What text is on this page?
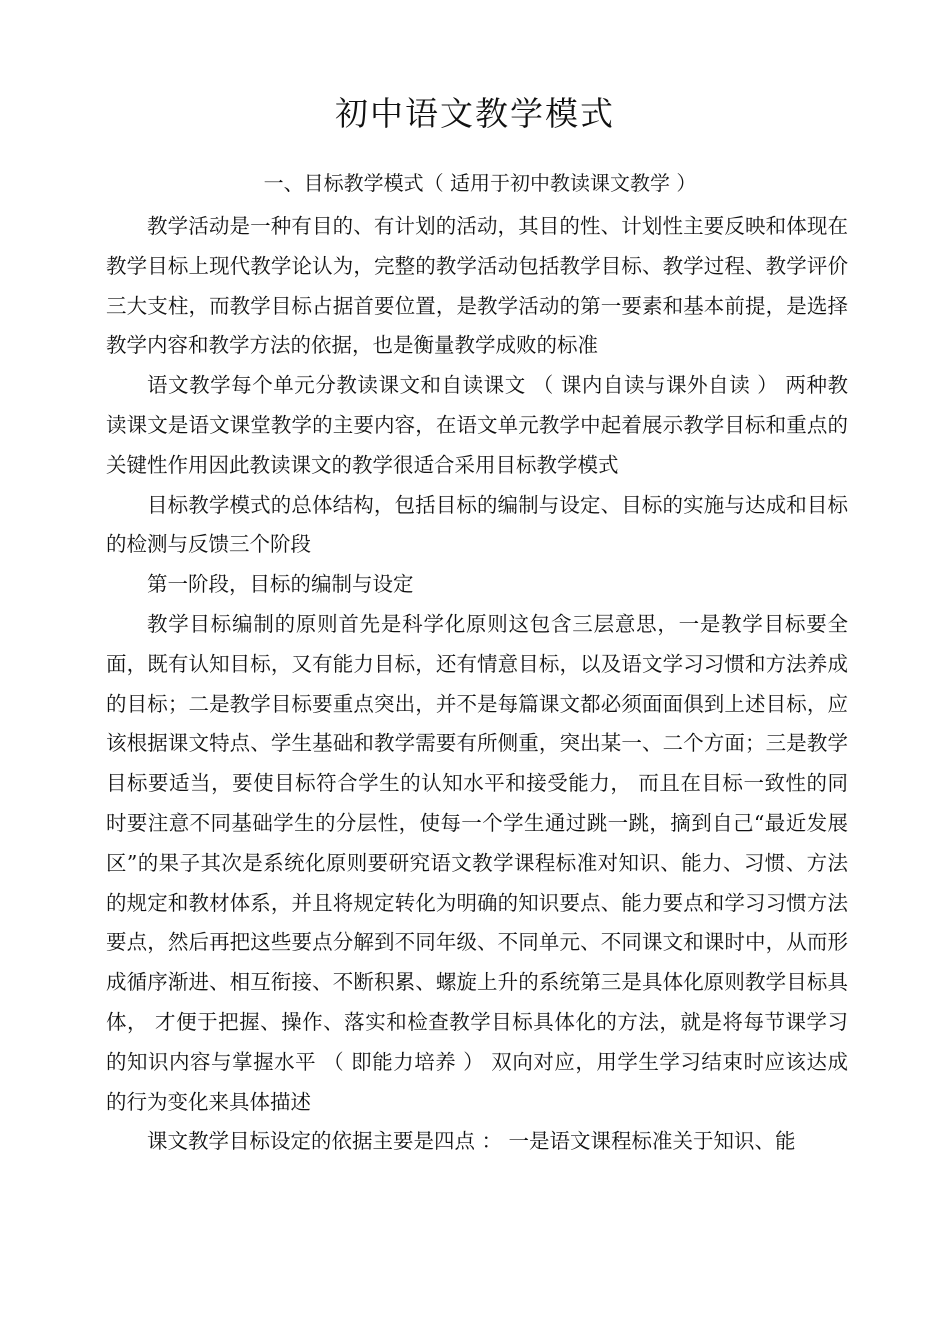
初中语文教学模式
一、目标教学模式（ 适用于初中教读课文教学 ）

教学活动是一种有目的、有计划的活动，其目的性、计划性主要反映和体现在教学目标上现代教学论认为，完整的教学活动包括教学目标、教学过程、教学评价三大支柱，而教学目标占据首要位置，是教学活动的第一要素和基本前提，是选择教学内容和教学方法的依据，也是衡量教学成败的标准

语文教学每个单元分教读课文和自读课文 （ 课内自读与课外自读 ） 两种教读课文是语文课堂教学的主要内容，在语文单元教学中起着展示教学目标和重点的关键性作用因此教读课文的教学很适合采用目标教学模式

目标教学模式的总体结构，包括目标的编制与设定、目标的实施与达成和目标的检测与反馈三个阶段

第一阶段，目标的编制与设定

教学目标编制的原则首先是科学化原则这包含三层意思，一是教学目标要全面，既有认知目标，又有能力目标，还有情意目标，以及语文学习习惯和方法养成的目标；二是教学目标要重点突出，并不是每篇课文都必须面面俱到上述目标，应该根据课文特点、学生基础和教学需要有所侧重，突出某一、二个方面；三是教学目标要适当，要使目标符合学生的认知水平和接受能力， 而且在目标一致性的同时要注意不同基础学生的分层性，使每一个学生通过跳一跳，摘到自己“最近发展区”的果子其次是系统化原则要研究语文教学课程标准对知识、能力、习惯、方法的规定和教材体系，并且将规定转化为明确的知识要点、能力要点和学习习惯方法要点，然后再把这些要点分解到不同年级、不同单元、不同课文和课时中，从而形成循序渐进、相互衔接、不断积累、螺旋上升的系统第三是具体化原则教学目标具体， 才便于把握、操作、落实和检查教学目标具体化的方法，就是将每节课学习的知识内容与掌握水平 （ 即能力培养 ） 双向对应，用学生学习结束时应该达成的行为变化来具体描述

课文教学目标设定的依据主要是四点 ： 一是语文课程标准关于知识、能
